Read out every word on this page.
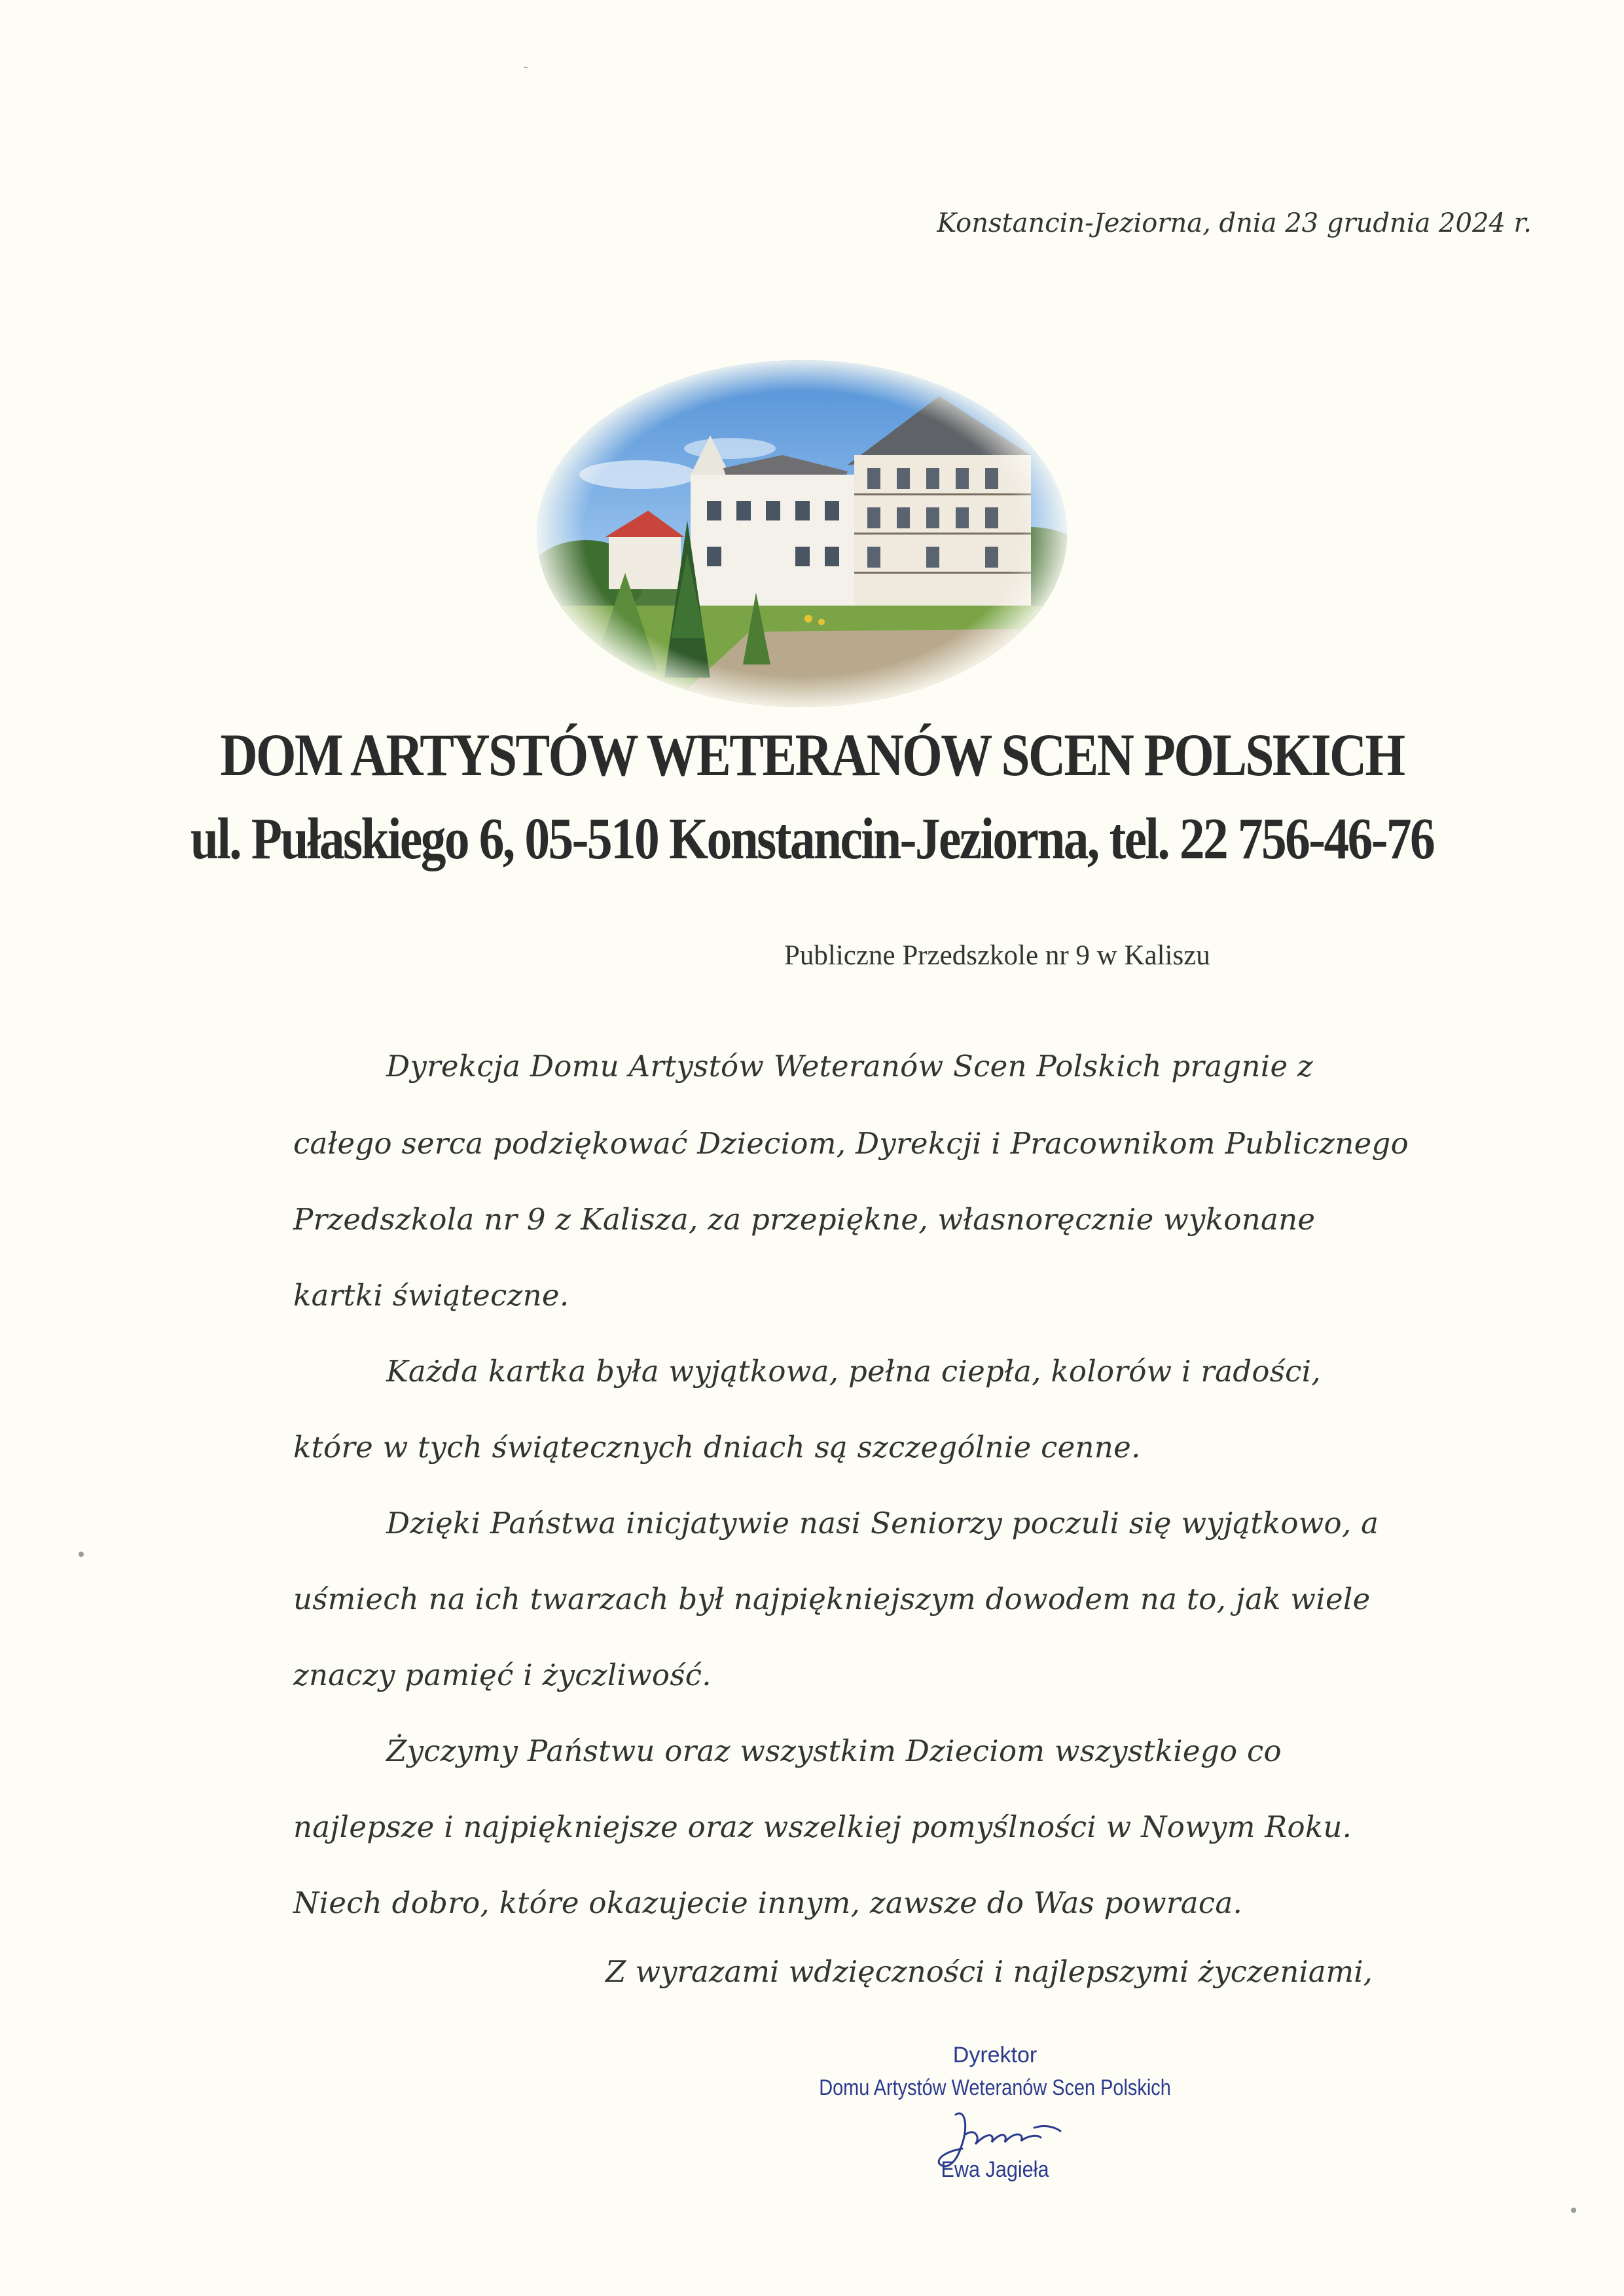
Konstancin-Jeziorna, dnia 23 grudnia 2024 r.
DOM ARTYSTÓW WETERANÓW SCEN POLSKICH
ul. Pułaskiego 6, 05-510 Konstancin-Jeziorna, tel. 22 756-46-76
Publiczne Przedszkole nr 9 w Kaliszu
Dyrekcja Domu Artystów Weteranów Scen Polskich pragnie z
całego serca podziękować Dzieciom, Dyrekcji i Pracownikom Publicznego
Przedszkola nr 9 z Kalisza, za przepiękne, własnoręcznie wykonane
kartki świąteczne.
Każda kartka była wyjątkowa, pełna ciepła, kolorów i radości,
które w tych świątecznych dniach są szczególnie cenne.
Dzięki Państwa inicjatywie nasi Seniorzy poczuli się wyjątkowo, a
uśmiech na ich twarzach był najpiękniejszym dowodem na to, jak wiele
znaczy pamięć i życzliwość.
Życzymy Państwu oraz wszystkim Dzieciom wszystkiego co
najlepsze i najpiękniejsze oraz wszelkiej pomyślności w Nowym Roku.
Niech dobro, które okazujecie innym, zawsze do Was powraca.
Z wyrazami wdzięczności i najlepszymi życzeniami,
Dyrektor
Domu Artystów Weteranów Scen Polskich
Ewa Jagieła
